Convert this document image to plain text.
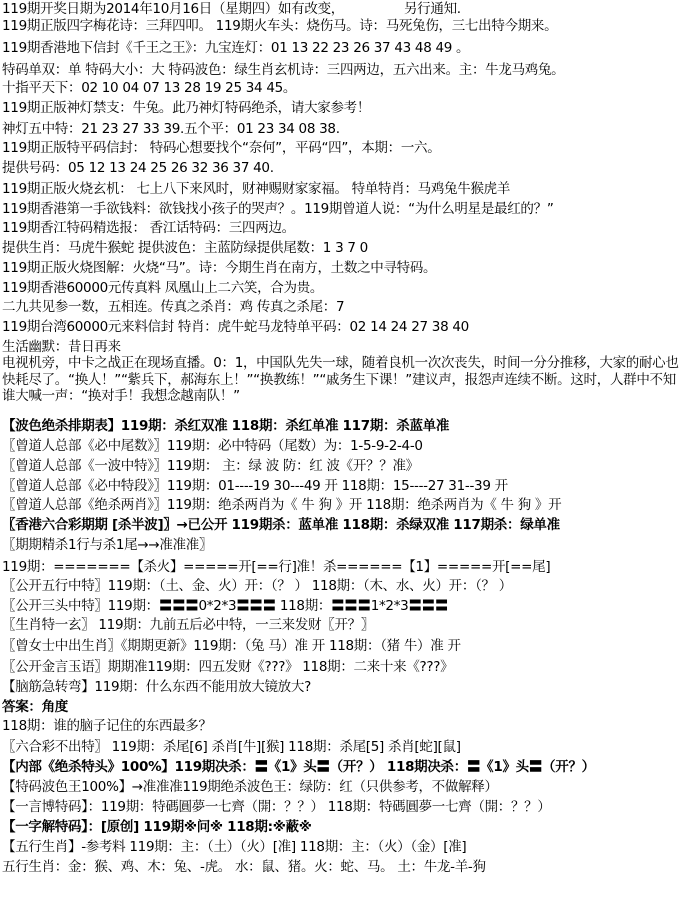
119期开奖日期为2014年10月16日（星期四）如有改变，	另行通知.
119期正版四字梅花诗：三拜四叩。 119期火车头：烧伤马。诗：马死兔伤，三七出特今期来。
119期香港地下信封《千王之王》：九宝连灯：01 13 22 23 26 37 43 48 49 。
特码单双：单 特码大小：大 特码波色：绿生肖玄机诗：三四两边，五六出来。主：牛龙马鸡兔。
十指平天下：02 10 04 07 13 28 19 25 34 45。
119期正版神灯禁支：牛兔。此乃神灯特码绝杀，请大家参考！
神灯五中特：21 23 27 33 39.五个平：01 23 34 08 38.
119期正版特平码信封： 特码心想要找个“奈何”，平码“四”，本期：一六。
提供号码：05 12 13 24 25 26 32 36 37 40.
119期正版火烧玄机： 七上八下来风时，财神赐财家家福。 特单特肖：马鸡兔牛猴虎羊
119期香港第一手欲钱料：欲钱找小孩子的哭声？。119期曾道人说：“为什么明星是最红的？”
119期香江特码精选报： 香江话特码：三四两边。
提供生肖：马虎牛猴蛇 提供波色：主蓝防绿提供尾数：1 3 7 0
119期正版火烧图解：火烧“马”。诗：今期生肖在南方，土数之中寻特码。
119期香港60000元传真料 凤凰山上二六笑，合为贵。
二九共见参一数，五相连。传真之杀肖：鸡 传真之杀尾：7
119期台湾60000元来料信封 特肖：虎牛蛇马龙特单平码：02 14 24 27 38 40
生活幽默：昔日再来
电视机旁，中卡之战正在现场直播。0：1，中国队先失一球，随着良机一次次丧失，时间一分分推移，大家的耐心也快耗尽了。“换人！”“紫兵下，郝海东上！”“换教练！”“戚务生下课！”建议声，报怨声连续不断。这时，人群中不知谁大喊一声：“换对手！我想念越南队！”
【波色绝杀排期表】119期：杀红双准 118期：杀红单准 117期：杀蓝单准
〖曾道人总部《必中尾数》〗119期：必中特码（尾数）为：1-5-9-2-4-0
〖曾道人总部《一波中特》〗119期： 主：绿 波 防：红 波《开？？准》
〖曾道人总部《必中特段》〗119期：01----19 30---49 开 118期：15----27 31--39 开
〖曾道人总部《绝杀两肖》〗119期：绝杀两肖为《 牛 狗 》开 118期：绝杀两肖为《 牛 狗 》开
〖香港六合彩期期 [杀半波]〗→已公开 119期杀：蓝单准 118期：杀绿双准 117期杀：绿单准
〖期期精杀1行与杀1尾→→准准准〗
119期：=======【杀火】=====开[==行]准！杀======【1】=====开[==尾]
〖公开五行中特〗119期：（土、金、火）开：（？ ） 118期：（木、水、火）开：（？ ）
〖公开三头中特〗119期：〓〓〓0*2*3〓〓〓 118期：〓〓〓1*2*3〓〓〓
〖生肖特一玄〗 119期：九前五后必中特，一三来发财〖开？〗
〖曾女士中出生肖〗《期期更新》119期：（兔 马）准 开 118期：（猪 牛）准 开
〖公开金言玉语〗期期准119期：四五发财《???》 118期：二来十来《???》
【脑筋急转弯】119期：什么东西不能用放大镜放大?
答案：角度
118期：谁的脑子记住的东西最多？
〖六合彩不出特〗 119期：杀尾[6] 杀肖[牛][猴] 118期：杀尾[5] 杀肖[蛇][鼠]
【内部《绝杀特头》100%】119期决杀：〓《1》头〓（开？） 118期决杀：〓《1》头〓（开？）
【特码波色王100%】→准准准119期绝杀波色王：绿防：红（只供参考，不做解释）
【一言博特码】：119期：特碼圓夢一七齊（開：？？） 118期：特碼圓夢一七齊（開：？？）
【一字解特码】：[原创] 119期※问※ 118期:※蔽※
【五行生肖】-参考料 119期：主：（土）（火）[准] 118期：主：（火）（金）[准]
五行生肖：金：猴、鸡、木：兔、-虎。 水：鼠、猪。火：蛇、马。 土：牛龙-羊-狗
